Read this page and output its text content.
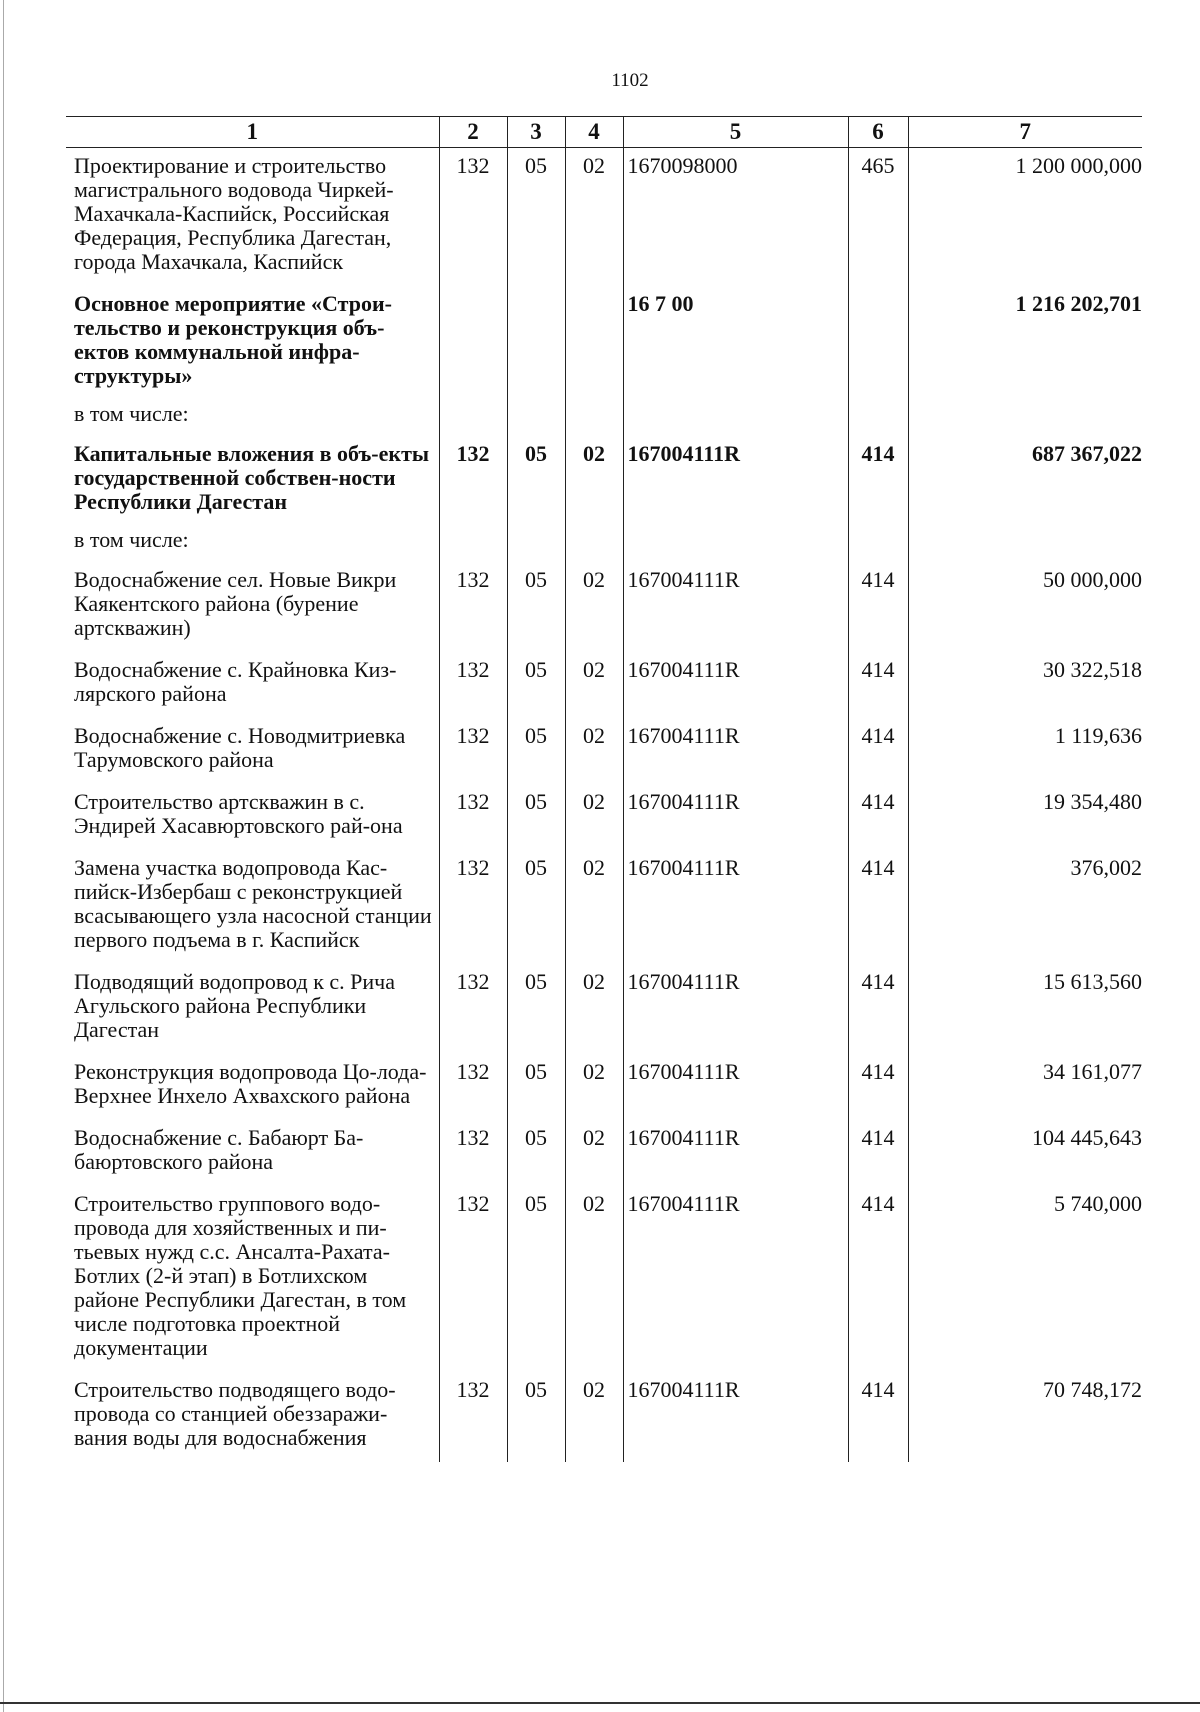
1102
1	2	3	4	5	6	7
Проектирование и строительство магистрального водовода Чиркей-Махачкала-Каспийск, Российская Федерация, Республика Дагестан, города Махачкала, Каспийск	132	05	02	1670098000	465	1 200 000,000
Основное мероприятие «Строи-тельство и реконструкция объ-ектов коммунальной инфра-структуры»				16 7 00		1 216 202,701
в том числе:						
Капитальные вложения в объ-екты государственной собствен-ности Республики Дагестан	132	05	02	167004111R	414	687 367,022
в том числе:						
Водоснабжение сел. Новые Викри Каякентского района (бурение артскважин)	132	05	02	167004111R	414	50 000,000
Водоснабжение с. Крайновка Киз-лярского района	132	05	02	167004111R	414	30 322,518
Водоснабжение с. Новодмитриевка Тарумовского района	132	05	02	167004111R	414	1 119,636
Строительство артскважин в с. Эндирей Хасавюртовского рай-она	132	05	02	167004111R	414	19 354,480
Замена участка водопровода Кас-пийск-Избербаш с реконструкцией всасывающего узла насосной станции первого подъема в г. Каспийск	132	05	02	167004111R	414	376,002
Подводящий водопровод к с. Рича Агульского района Республики Дагестан	132	05	02	167004111R	414	15 613,560
Реконструкция водопровода Цо-лода-Верхнее Инхело Ахвахского района	132	05	02	167004111R	414	34 161,077
Водоснабжение с. Бабаюрт Ба-баюртовского района	132	05	02	167004111R	414	104 445,643
Строительство группового водо-провода для хозяйственных и пи-тьевых нужд с.с. Ансалта-Рахата-Ботлих (2-й этап) в Ботлихском районе Республики Дагестан, в том числе подготовка проектной документации	132	05	02	167004111R	414	5 740,000
Строительство подводящего водо-провода со станцией обеззаражи-вания воды для водоснабжения	132	05	02	167004111R	414	70 748,172
